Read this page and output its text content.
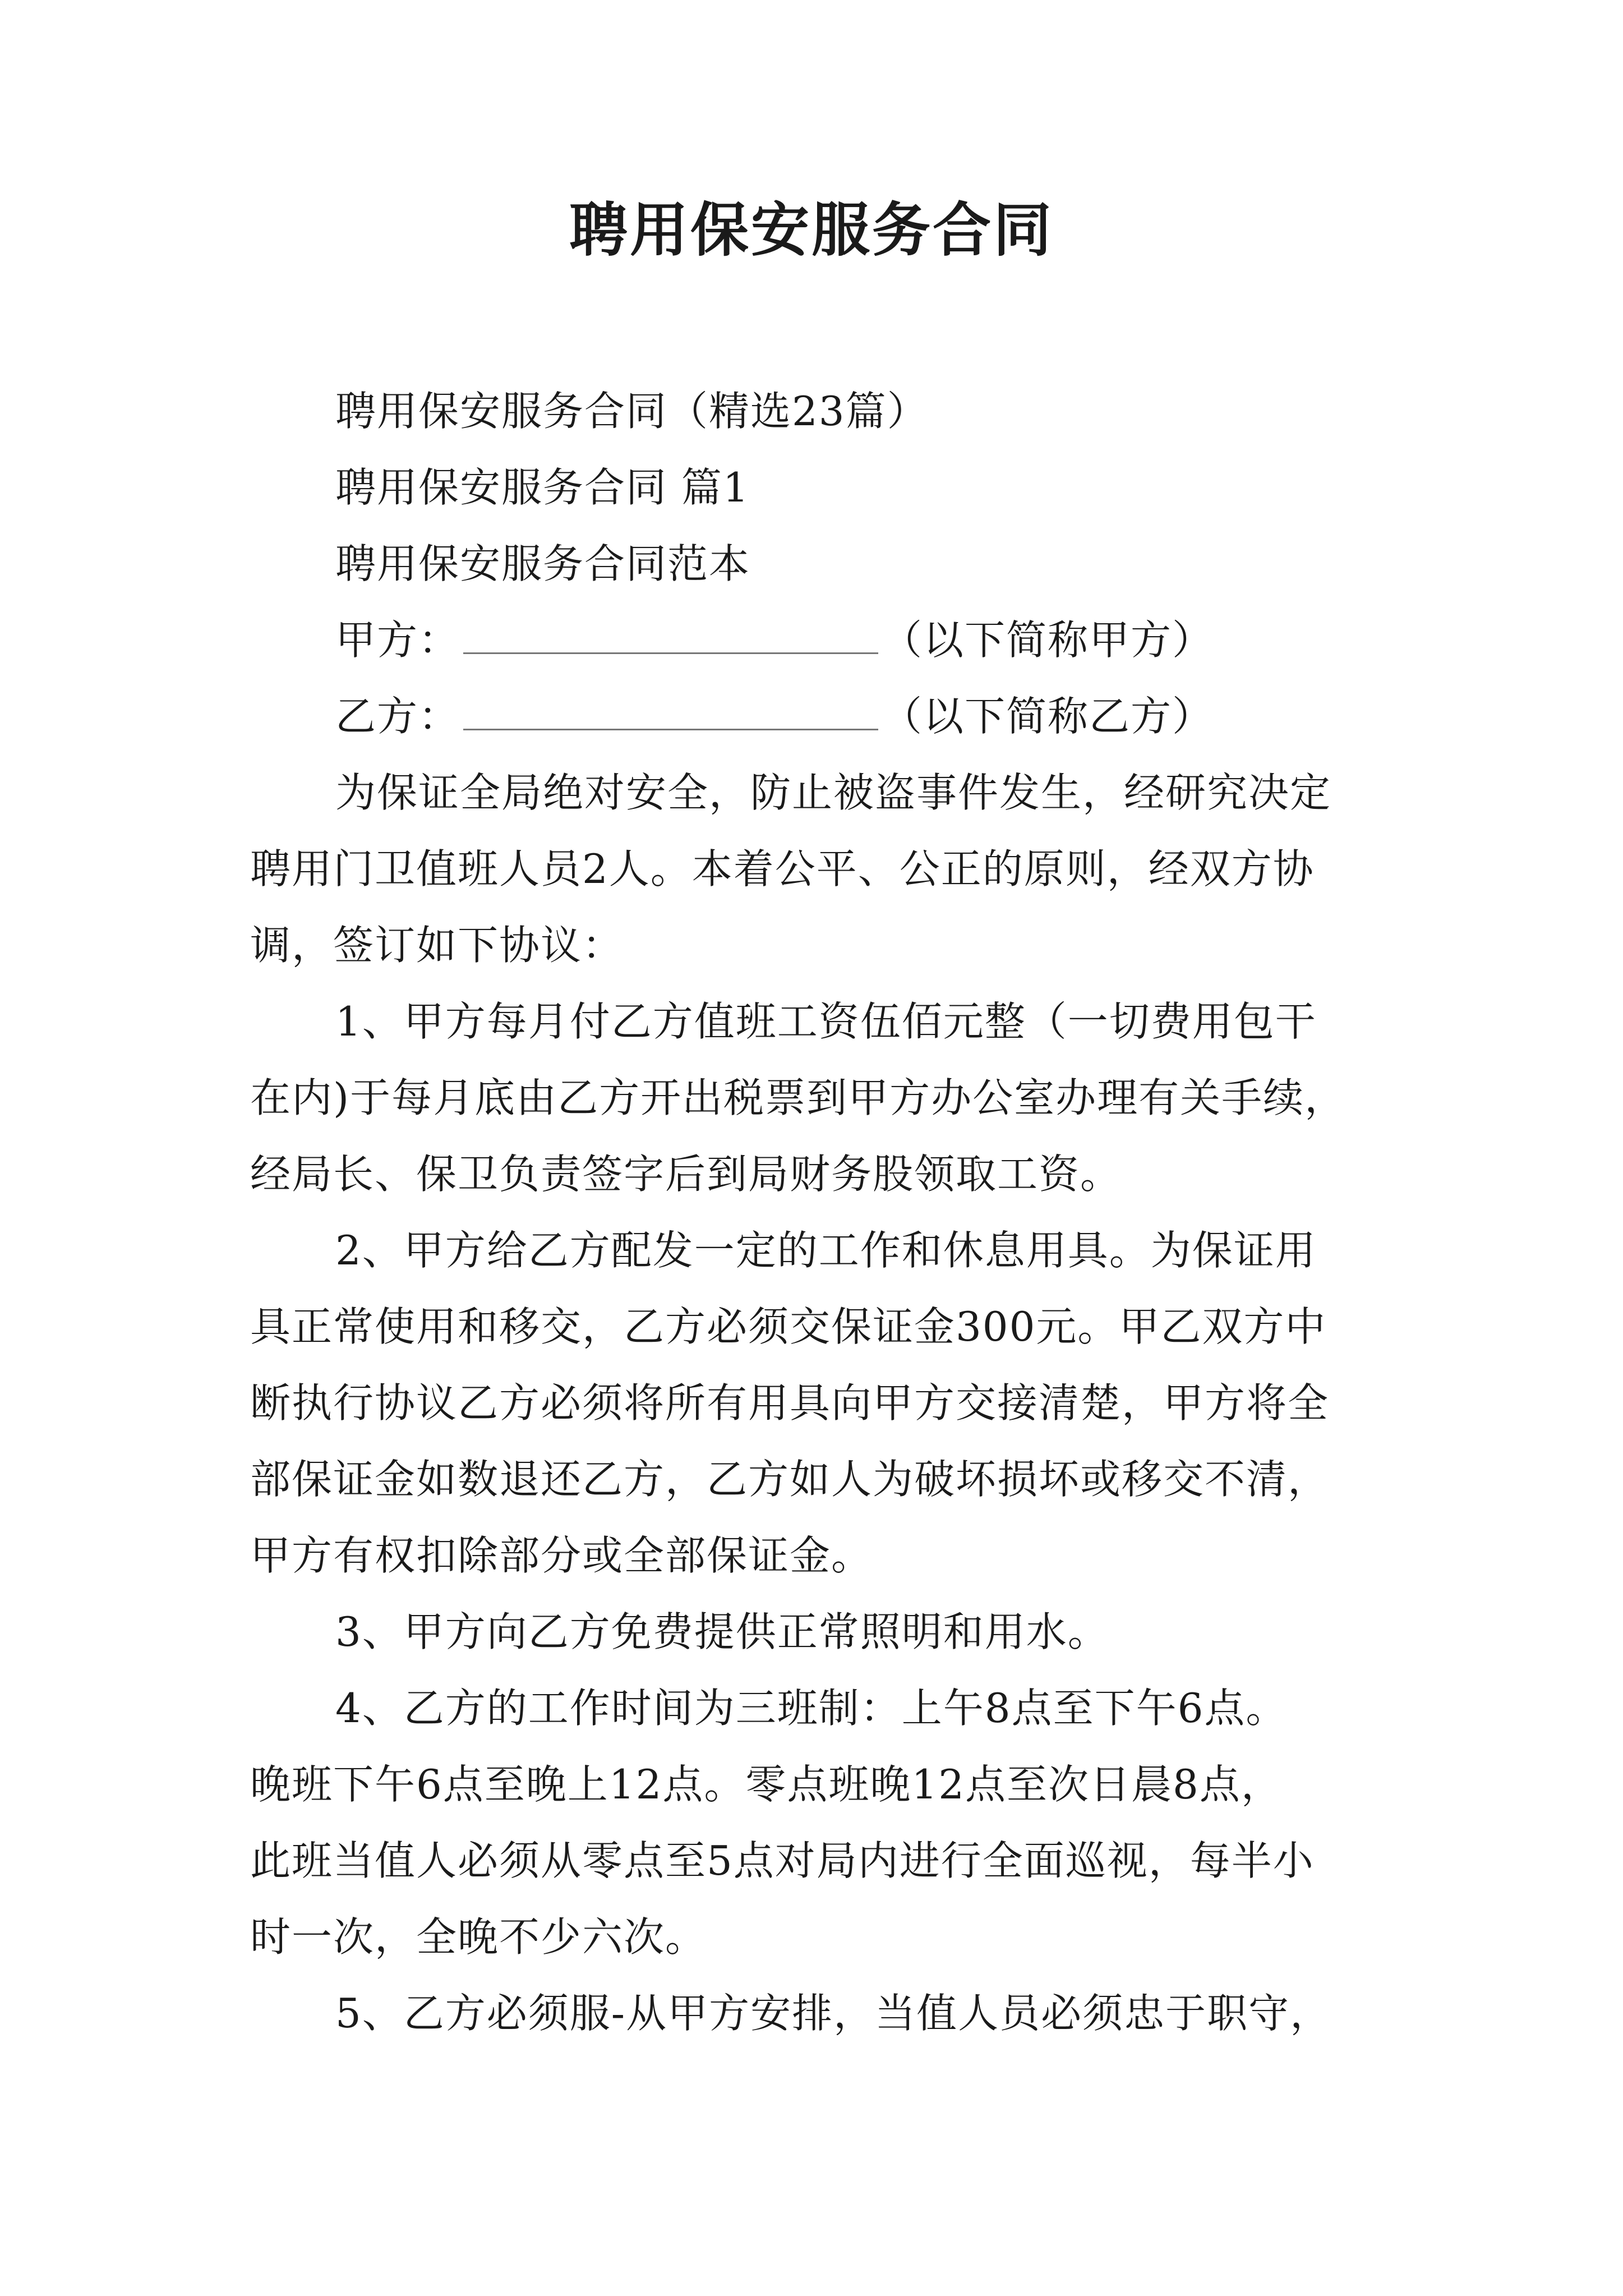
聘用保安服务合同
聘用保安服务合同（精选23篇）
聘用保安服务合同 篇1
聘用保安服务合同范本
甲方：	（以下简称甲方）
乙方：	（以下简称乙方）
为保证全局绝对安全，防止被盗事件发生，经研究决定
聘用门卫值班人员2人。本着公平、公正的原则，经双方协
调，签订如下协议：
1、甲方每月付乙方值班工资伍佰元整（一切费用包干
在内)于每月底由乙方开出税票到甲方办公室办理有关手续，
经局长、保卫负责签字后到局财务股领取工资。
2、甲方给乙方配发一定的工作和休息用具。为保证用
具正常使用和移交，乙方必须交保证金300元。甲乙双方中
断执行协议乙方必须将所有用具向甲方交接清楚，甲方将全
部保证金如数退还乙方，乙方如人为破坏损坏或移交不清，
甲方有权扣除部分或全部保证金。
3、甲方向乙方免费提供正常照明和用水。
4、乙方的工作时间为三班制：上午8点至下午6点。
晚班下午6点至晚上12点。零点班晚12点至次日晨8点，
此班当值人必须从零点至5点对局内进行全面巡视，每半小
时一次，全晚不少六次。
5、乙方必须服-从甲方安排，当值人员必须忠于职守，
